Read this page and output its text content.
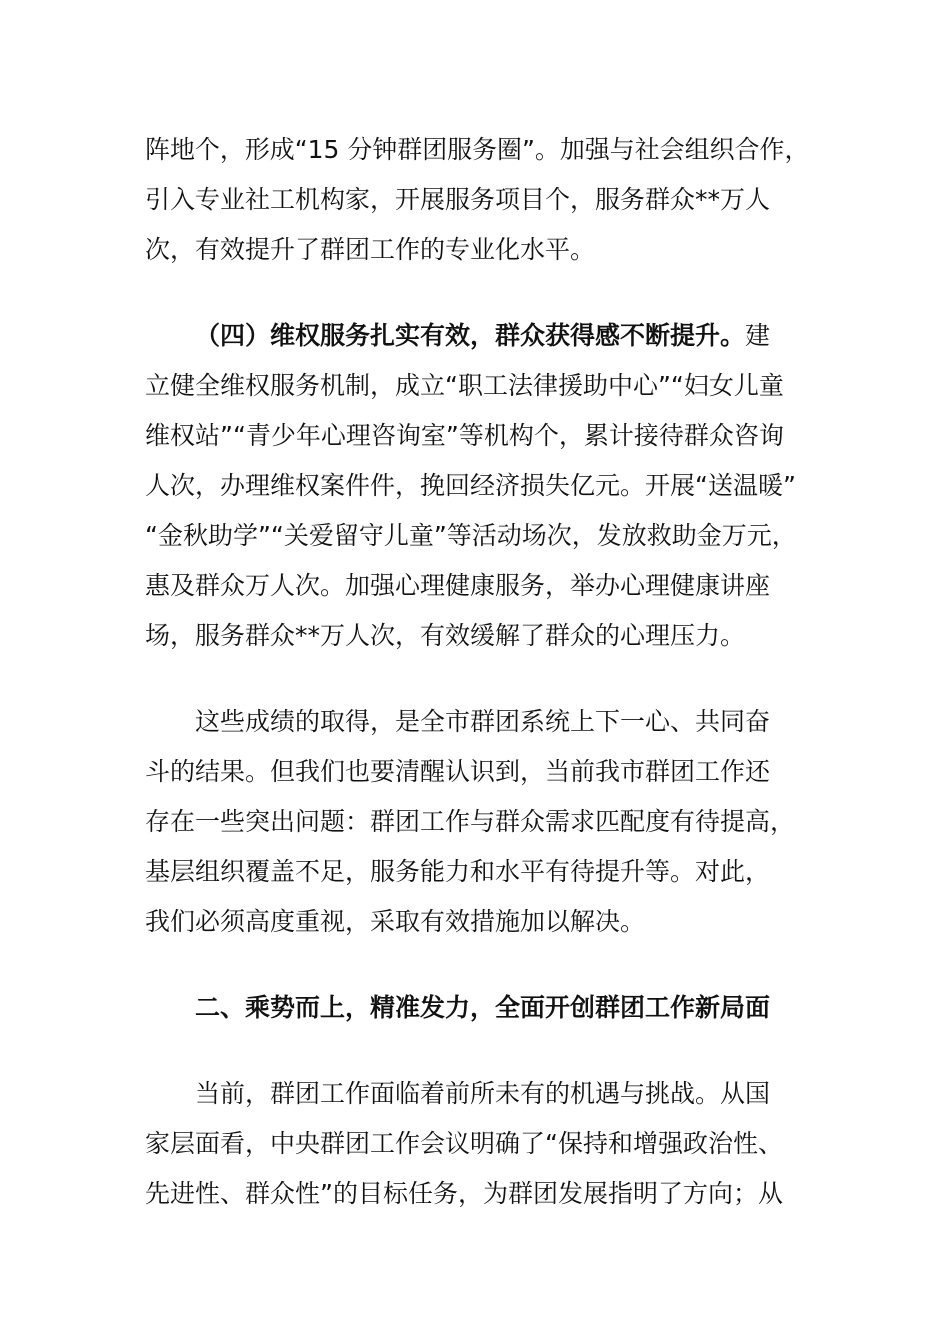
阵地个，形成“15 分钟群团服务圈”。加强与社会组织合作，
引入专业社工机构家，开展服务项目个，服务群众**万人
次，有效提升了群团工作的专业化水平。
（四）维权服务扎实有效，群众获得感不断提升。建
立健全维权服务机制，成立“职工法律援助中心”“妇女儿童
维权站”“青少年心理咨询室”等机构个，累计接待群众咨询
人次，办理维权案件件，挽回经济损失亿元。开展“送温暖”
“金秋助学”“关爱留守儿童”等活动场次，发放救助金万元，
惠及群众万人次。加强心理健康服务，举办心理健康讲座
场，服务群众**万人次，有效缓解了群众的心理压力。
这些成绩的取得，是全市群团系统上下一心、共同奋
斗的结果。但我们也要清醒认识到，当前我市群团工作还
存在一些突出问题：群团工作与群众需求匹配度有待提高，
基层组织覆盖不足，服务能力和水平有待提升等。对此，
我们必须高度重视，采取有效措施加以解决。
二、乘势而上，精准发力，全面开创群团工作新局面
当前，群团工作面临着前所未有的机遇与挑战。从国
家层面看，中央群团工作会议明确了“保持和增强政治性、
先进性、群众性”的目标任务，为群团发展指明了方向；从
